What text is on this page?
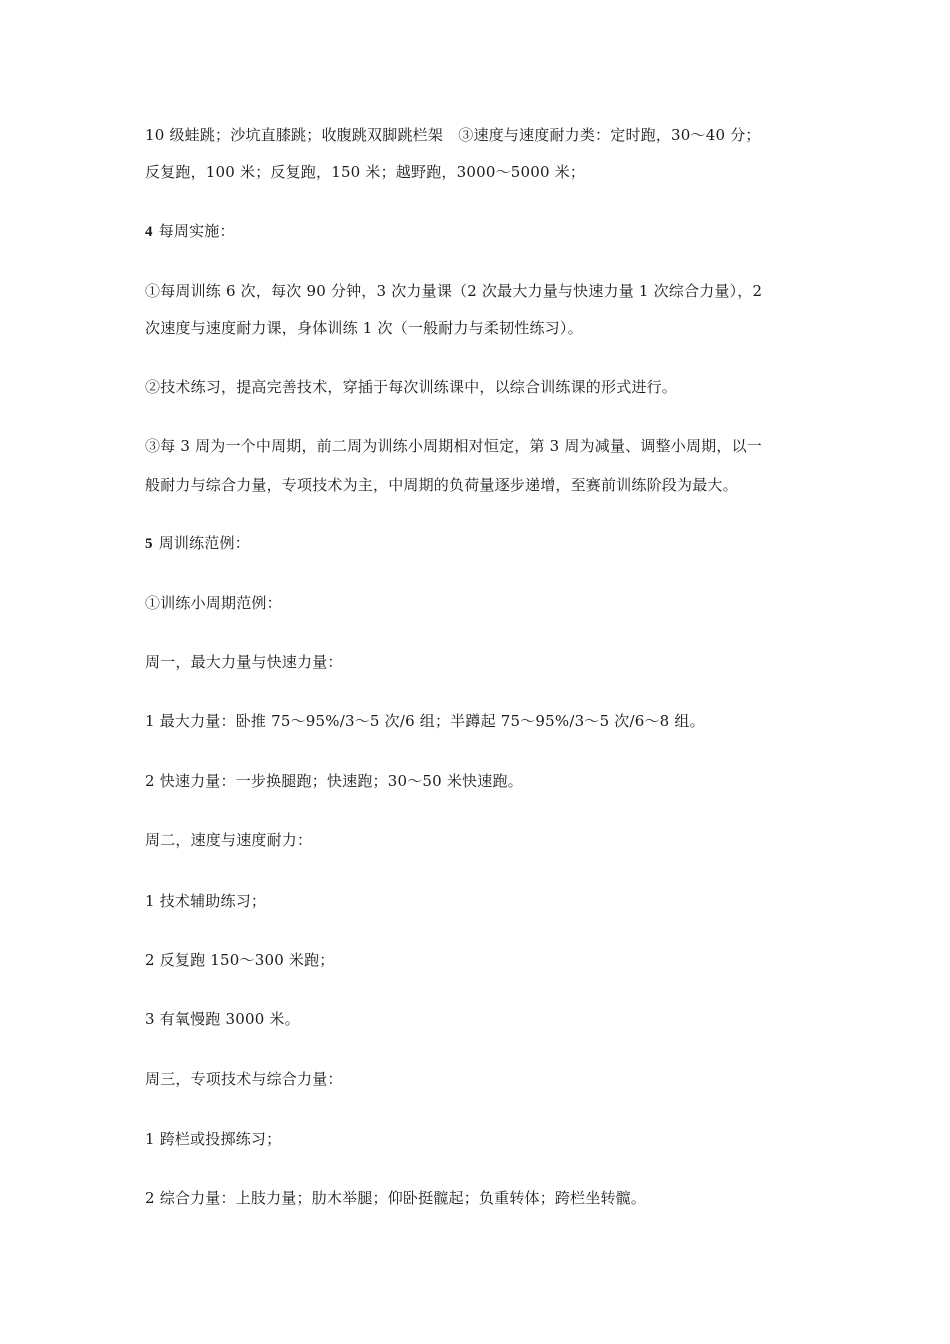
10 级蛙跳；沙坑直膝跳；收腹跳双脚跳栏架　③速度与速度耐力类：定时跑，30～40 分；
反复跑，100 米；反复跑，150 米；越野跑，3000～5000 米；
4 每周实施：
①每周训练 6 次，每次 90 分钟，3 次力量课（2 次最大力量与快速力量 1 次综合力量），2
次速度与速度耐力课，身体训练 1 次（一般耐力与柔韧性练习）。
②技术练习，提高完善技术，穿插于每次训练课中，以综合训练课的形式进行。
③每 3 周为一个中周期，前二周为训练小周期相对恒定，第 3 周为减量、调整小周期，以一
般耐力与综合力量，专项技术为主，中周期的负荷量逐步递增，至赛前训练阶段为最大。
5 周训练范例：
①训练小周期范例：
周一，最大力量与快速力量：
1 最大力量：卧推 75～95%/3～5 次/6 组；半蹲起 75～95%/3～5 次/6～8 组。
2 快速力量：一步换腿跑；快速跑；30～50 米快速跑。
周二，速度与速度耐力：
1 技术辅助练习；
2 反复跑 150～300 米跑；
3 有氧慢跑 3000 米。
周三，专项技术与综合力量：
1 跨栏或投掷练习；
2 综合力量：上肢力量；肋木举腿；仰卧挺髋起；负重转体；跨栏坐转髋。
